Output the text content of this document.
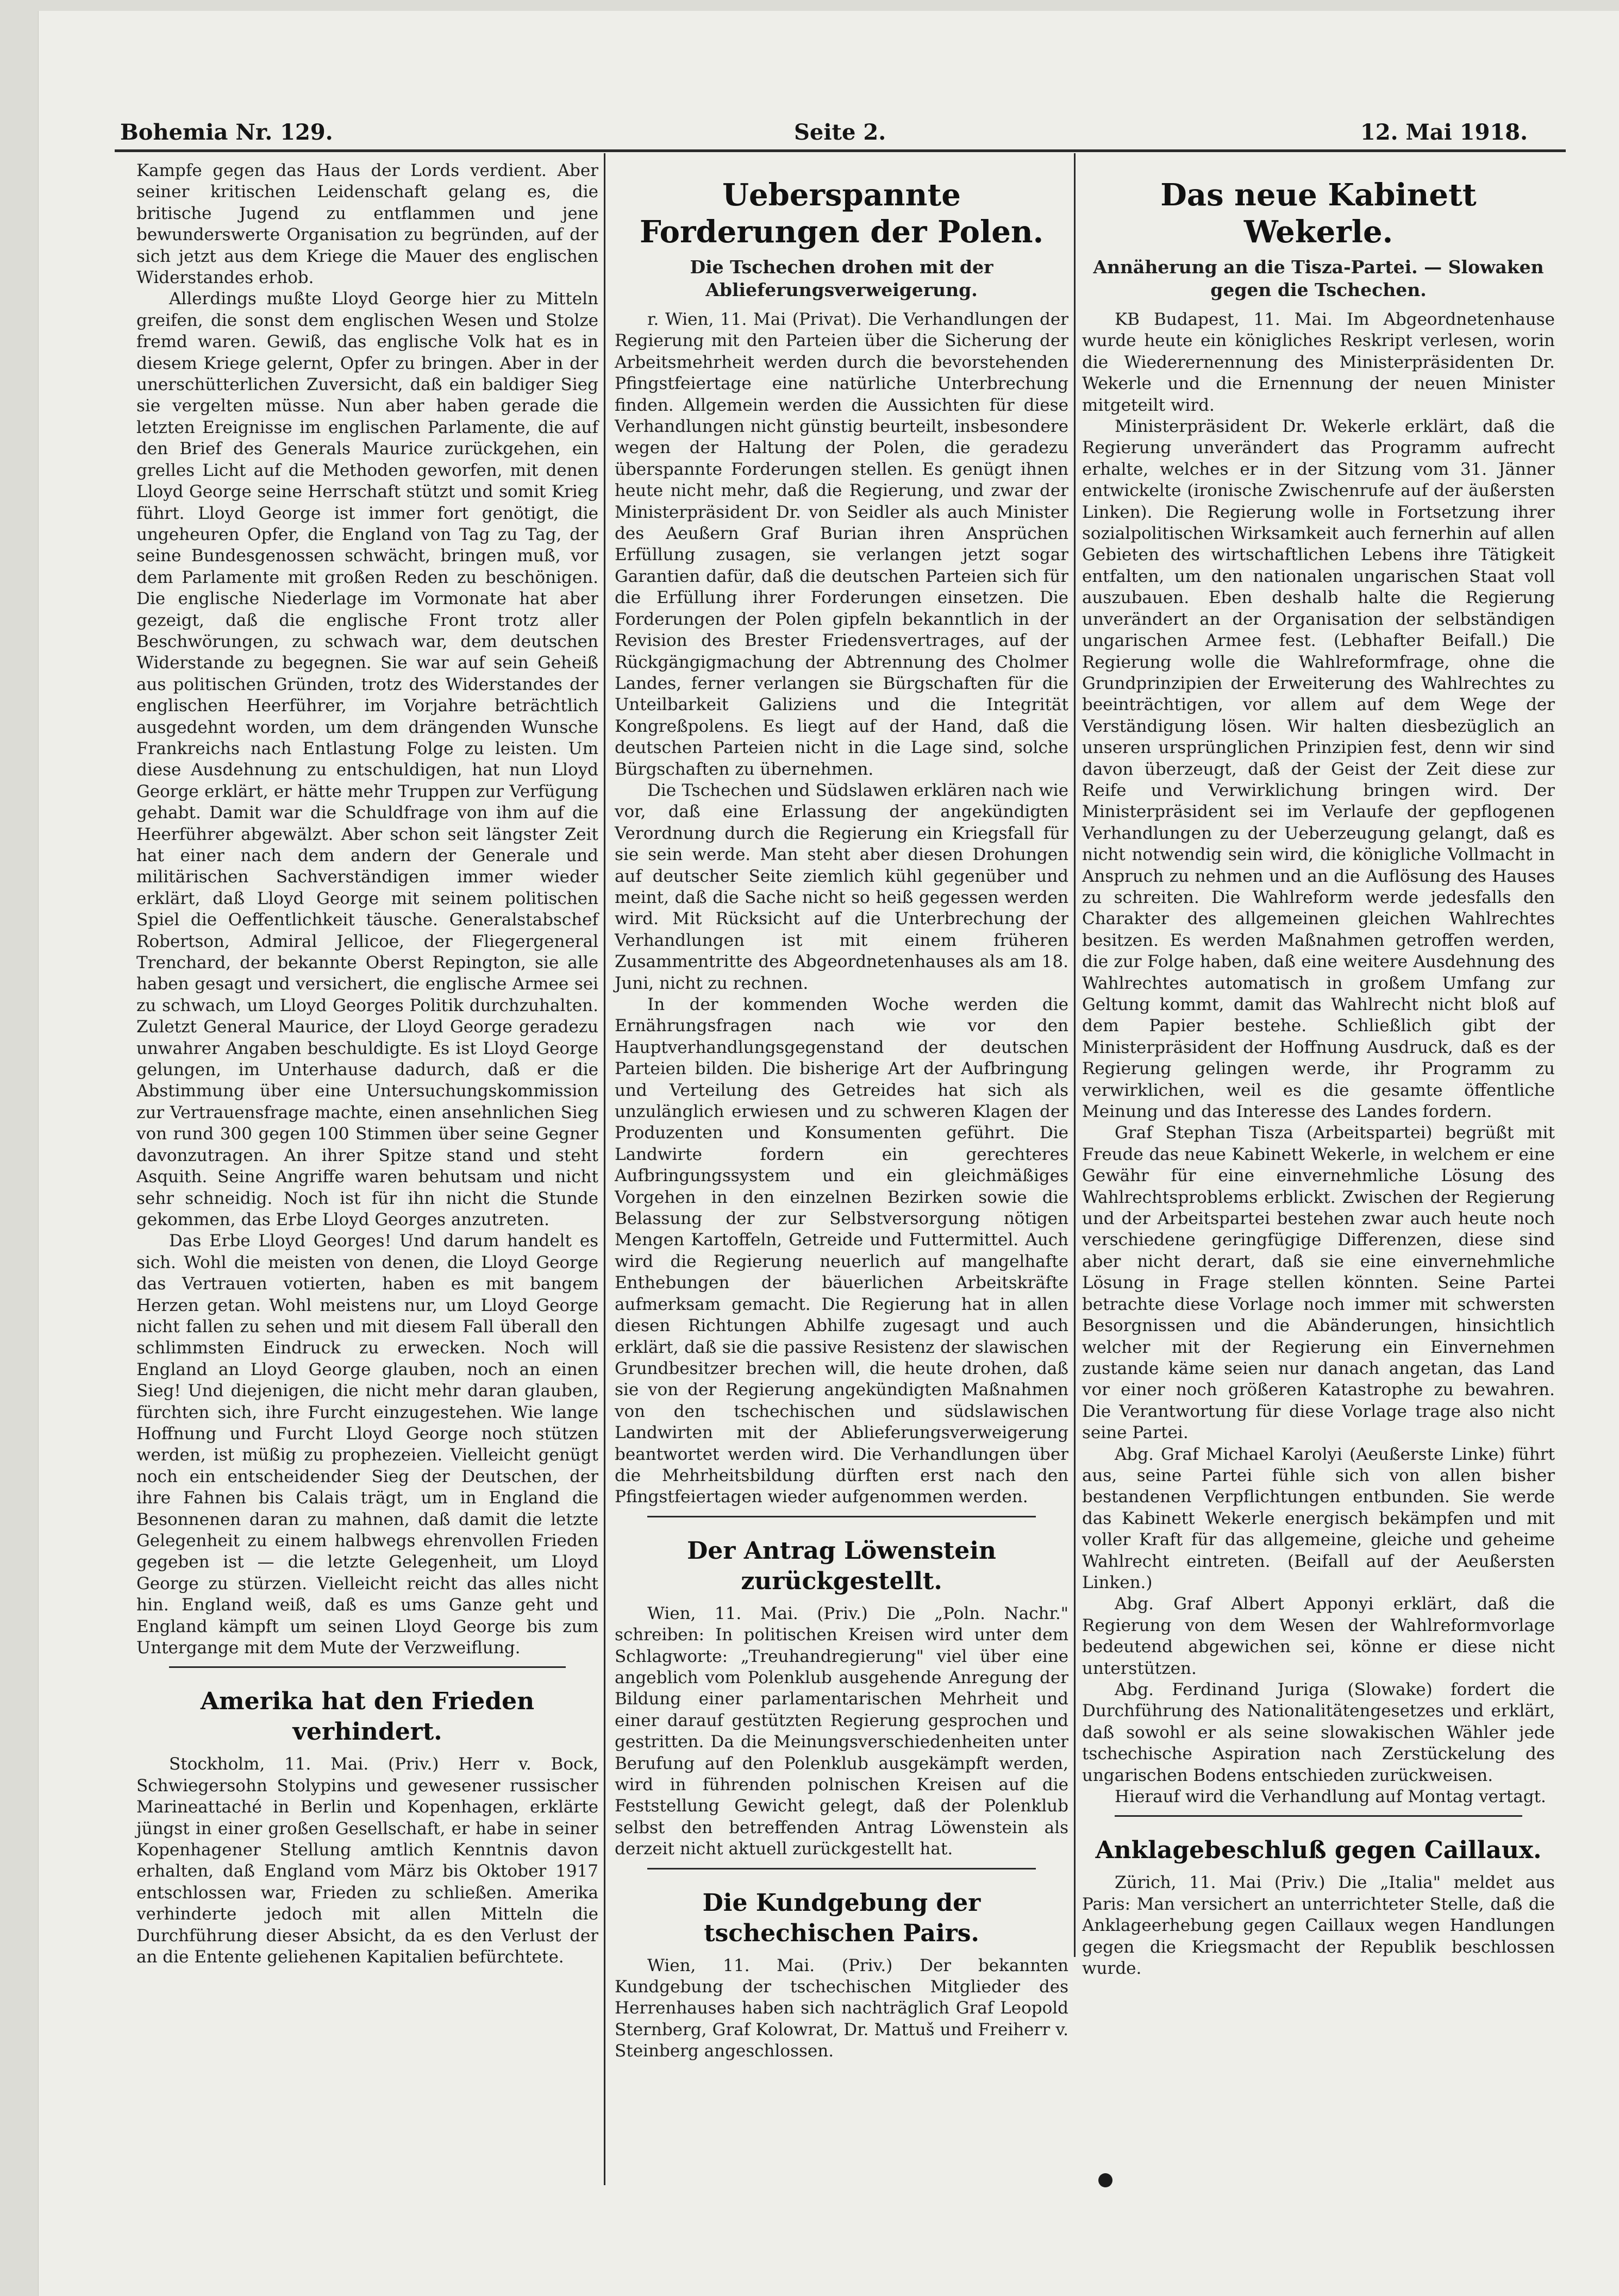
Bohemia Nr. 129.	Seite 2.	12. Mai 1918.

Kampfe gegen das Haus der Lords verdient. Aber seiner kritischen Leidenschaft gelang es, die britische Jugend zu entflammen und jene bewunderswerte Organisation zu begründen, auf der sich jetzt aus dem Kriege die Mauer des englischen Widerstandes erhob.

Allerdings mußte Lloyd George hier zu Mitteln greifen, die sonst dem englischen Wesen und Stolze fremd waren. Gewiß, das englische Volk hat es in diesem Kriege gelernt, Opfer zu bringen. Aber in der unerschütterlichen Zuversicht, daß ein baldiger Sieg sie vergelten müsse. Nun aber haben gerade die letzten Ereignisse im englischen Parlamente, die auf den Brief des Generals Maurice zurückgehen, ein grelles Licht auf die Methoden geworfen, mit denen Lloyd George seine Herrschaft stützt und somit Krieg führt. Lloyd George ist immer fort genötigt, die ungeheuren Opfer, die England von Tag zu Tag, der seine Bundesgenossen schwächt, bringen muß, vor dem Parlamente mit großen Reden zu beschönigen. Die englische Niederlage im Vormonate hat aber gezeigt, daß die englische Front trotz aller Beschwörungen, zu schwach war, dem deutschen Widerstande zu begegnen. Sie war auf sein Geheiß aus politischen Gründen, trotz des Widerstandes der englischen Heerführer, im Vorjahre beträchtlich ausgedehnt worden, um dem drängenden Wunsche Frankreichs nach Entlastung Folge zu leisten. Um diese Ausdehnung zu entschuldigen, hat nun Lloyd George erklärt, er hätte mehr Truppen zur Verfügung gehabt. Damit war die Schuldfrage von ihm auf die Heerführer abgewälzt. Aber schon seit längster Zeit hat einer nach dem andern der Generale und militärischen Sachverständigen immer wieder erklärt, daß Lloyd George mit seinem politischen Spiel die Oeffentlichkeit täusche. Generalstabschef Robertson, Admiral Jellicoe, der Fliegergeneral Trenchard, der bekannte Oberst Repington, sie alle haben gesagt und versichert, die englische Armee sei zu schwach, um Lloyd Georges Politik durchzuhalten. Zuletzt General Maurice, der Lloyd George geradezu unwahrer Angaben beschuldigte. Es ist Lloyd George gelungen, im Unterhause dadurch, daß er die Abstimmung über eine Untersuchungskommission zur Vertrauensfrage machte, einen ansehnlichen Sieg von rund 300 gegen 100 Stimmen über seine Gegner davonzutragen. An ihrer Spitze stand und steht Asquith. Seine Angriffe waren behutsam und nicht sehr schneidig. Noch ist für ihn nicht die Stunde gekommen, das Erbe Lloyd Georges anzutreten.

Das Erbe Lloyd Georges! Und darum handelt es sich. Wohl die meisten von denen, die Lloyd George das Vertrauen votierten, haben es mit bangem Herzen getan. Wohl meistens nur, um Lloyd George nicht fallen zu sehen und mit diesem Fall überall den schlimmsten Eindruck zu erwecken. Noch will England an Lloyd George glauben, noch an einen Sieg! Und diejenigen, die nicht mehr daran glauben, fürchten sich, ihre Furcht einzugestehen. Wie lange Hoffnung und Furcht Lloyd George noch stützen werden, ist müßig zu prophezeien. Vielleicht genügt noch ein entscheidender Sieg der Deutschen, der ihre Fahnen bis Calais trägt, um in England die Besonnenen daran zu mahnen, daß damit die letzte Gelegenheit zu einem halbwegs ehrenvollen Frieden gegeben ist — die letzte Gelegenheit, um Lloyd George zu stürzen. Vielleicht reicht das alles nicht hin. England weiß, daß es ums Ganze geht und England kämpft um seinen Lloyd George bis zum Untergange mit dem Mute der Verzweiflung.

Amerika hat den Frieden verhindert.

Stockholm, 11. Mai. (Priv.) Herr v. Bock, Schwiegersohn Stolypins und gewesener russischer Marineattaché in Berlin und Kopenhagen, erklärte jüngst in einer großen Gesellschaft, er habe in seiner Kopenhagener Stellung amtlich Kenntnis davon erhalten, daß England vom März bis Oktober 1917 entschlossen war, Frieden zu schließen. Amerika verhinderte jedoch mit allen Mitteln die Durchführung dieser Absicht, da es den Verlust der an die Entente geliehenen Kapitalien befürchtete.

Ueberspannte Forderungen der Polen.
Die Tschechen drohen mit der Ablieferungsverweigerung.

r. Wien, 11. Mai (Privat). Die Verhandlungen der Regierung mit den Parteien über die Sicherung der Arbeitsmehrheit werden durch die bevorstehenden Pfingstfeiertage eine natürliche Unterbrechung finden. Allgemein werden die Aussichten für diese Verhandlungen nicht günstig beurteilt, insbesondere wegen der Haltung der Polen, die geradezu überspannte Forderungen stellen. Es genügt ihnen heute nicht mehr, daß die Regierung, und zwar der Ministerpräsident Dr. von Seidler als auch Minister des Aeußern Graf Burian ihren Ansprüchen Erfüllung zusagen, sie verlangen jetzt sogar Garantien dafür, daß die deutschen Parteien sich für die Erfüllung ihrer Forderungen einsetzen. Die Forderungen der Polen gipfeln bekanntlich in der Revision des Brester Friedensvertrages, auf der Rückgängigmachung der Abtrennung des Cholmer Landes, ferner verlangen sie Bürgschaften für die Unteilbarkeit Galiziens und die Integrität Kongreßpolens. Es liegt auf der Hand, daß die deutschen Parteien nicht in die Lage sind, solche Bürgschaften zu übernehmen.

Die Tschechen und Südslawen erklären nach wie vor, daß eine Erlassung der angekündigten Verordnung durch die Regierung ein Kriegsfall für sie sein werde. Man steht aber diesen Drohungen auf deutscher Seite ziemlich kühl gegenüber und meint, daß die Sache nicht so heiß gegessen werden wird. Mit Rücksicht auf die Unterbrechung der Verhandlungen ist mit einem früheren Zusammentritte des Abgeordnetenhauses als am 18. Juni, nicht zu rechnen.

In der kommenden Woche werden die Ernährungsfragen nach wie vor den Hauptverhandlungsgegenstand der deutschen Parteien bilden. Die bisherige Art der Aufbringung und Verteilung des Getreides hat sich als unzulänglich erwiesen und zu schweren Klagen der Produzenten und Konsumenten geführt. Die Landwirte fordern ein gerechteres Aufbringungssystem und ein gleichmäßiges Vorgehen in den einzelnen Bezirken sowie die Belassung der zur Selbstversorgung nötigen Mengen Kartoffeln, Getreide und Futtermittel. Auch wird die Regierung neuerlich auf mangelhafte Enthebungen der bäuerlichen Arbeitskräfte aufmerksam gemacht. Die Regierung hat in allen diesen Richtungen Abhilfe zugesagt und auch erklärt, daß sie die passive Resistenz der slawischen Grundbesitzer brechen will, die heute drohen, daß sie von der Regierung angekündigten Maßnahmen von den tschechischen und südslawischen Landwirten mit der Ablieferungsverweigerung beantwortet werden wird. Die Verhandlungen über die Mehrheitsbildung dürften erst nach den Pfingstfeiertagen wieder aufgenommen werden.

Der Antrag Löwenstein zurückgestellt.

Wien, 11. Mai. (Priv.) Die „Poln. Nachr." schreiben: In politischen Kreisen wird unter dem Schlagworte: „Treuhandregierung" viel über eine angeblich vom Polenklub ausgehende Anregung der Bildung einer parlamentarischen Mehrheit und einer darauf gestützten Regierung gesprochen und gestritten. Da die Meinungsverschiedenheiten unter Berufung auf den Polenklub ausgekämpft werden, wird in führenden polnischen Kreisen auf die Feststellung Gewicht gelegt, daß der Polenklub selbst den betreffenden Antrag Löwenstein als derzeit nicht aktuell zurückgestellt hat.

Die Kundgebung der tschechischen Pairs.

Wien, 11. Mai. (Priv.) Der bekannten Kundgebung der tschechischen Mitglieder des Herrenhauses haben sich nachträglich Graf Leopold Sternberg, Graf Kolowrat, Dr. Mattuš und Freiherr v. Steinberg angeschlossen.

Das neue Kabinett Wekerle.
Annäherung an die Tisza-Partei. — Slowaken gegen die Tschechen.

KB Budapest, 11. Mai. Im Abgeordnetenhause wurde heute ein königliches Reskript verlesen, worin die Wiederernennung des Ministerpräsidenten Dr. Wekerle und die Ernennung der neuen Minister mitgeteilt wird.

Ministerpräsident Dr. Wekerle erklärt, daß die Regierung unverändert das Programm aufrecht erhalte, welches er in der Sitzung vom 31. Jänner entwickelte (ironische Zwischenrufe auf der äußersten Linken). Die Regierung wolle in Fortsetzung ihrer sozialpolitischen Wirksamkeit auch fernerhin auf allen Gebieten des wirtschaftlichen Lebens ihre Tätigkeit entfalten, um den nationalen ungarischen Staat voll auszubauen. Eben deshalb halte die Regierung unverändert an der Organisation der selbständigen ungarischen Armee fest. (Lebhafter Beifall.) Die Regierung wolle die Wahlreformfrage, ohne die Grundprinzipien der Erweiterung des Wahlrechtes zu beeinträchtigen, vor allem auf dem Wege der Verständigung lösen. Wir halten diesbezüglich an unseren ursprünglichen Prinzipien fest, denn wir sind davon überzeugt, daß der Geist der Zeit diese zur Reife und Verwirklichung bringen wird. Der Ministerpräsident sei im Verlaufe der gepflogenen Verhandlungen zu der Ueberzeugung gelangt, daß es nicht notwendig sein wird, die königliche Vollmacht in Anspruch zu nehmen und an die Auflösung des Hauses zu schreiten. Die Wahlreform werde jedesfalls den Charakter des allgemeinen gleichen Wahlrechtes besitzen. Es werden Maßnahmen getroffen werden, die zur Folge haben, daß eine weitere Ausdehnung des Wahlrechtes automatisch in großem Umfang zur Geltung kommt, damit das Wahlrecht nicht bloß auf dem Papier bestehe. Schließlich gibt der Ministerpräsident der Hoffnung Ausdruck, daß es der Regierung gelingen werde, ihr Programm zu verwirklichen, weil es die gesamte öffentliche Meinung und das Interesse des Landes fordern.

Graf Stephan Tisza (Arbeitspartei) begrüßt mit Freude das neue Kabinett Wekerle, in welchem er eine Gewähr für eine einvernehmliche Lösung des Wahlrechtsproblems erblickt. Zwischen der Regierung und der Arbeitspartei bestehen zwar auch heute noch verschiedene geringfügige Differenzen, diese sind aber nicht derart, daß sie eine einvernehmliche Lösung in Frage stellen könnten. Seine Partei betrachte diese Vorlage noch immer mit schwersten Besorgnissen und die Abänderungen, hinsichtlich welcher mit der Regierung ein Einvernehmen zustande käme seien nur danach angetan, das Land vor einer noch größeren Katastrophe zu bewahren. Die Verantwortung für diese Vorlage trage also nicht seine Partei.

Abg. Graf Michael Karolyi (Aeußerste Linke) führt aus, seine Partei fühle sich von allen bisher bestandenen Verpflichtungen entbunden. Sie werde das Kabinett Wekerle energisch bekämpfen und mit voller Kraft für das allgemeine, gleiche und geheime Wahlrecht eintreten. (Beifall auf der Aeußersten Linken.)

Abg. Graf Albert Apponyi erklärt, daß die Regierung von dem Wesen der Wahlreformvorlage bedeutend abgewichen sei, könne er diese nicht unterstützen.

Abg. Ferdinand Juriga (Slowake) fordert die Durchführung des Nationalitätengesetzes und erklärt, daß sowohl er als seine slowakischen Wähler jede tschechische Aspiration nach Zerstückelung des ungarischen Bodens entschieden zurückweisen.

Hierauf wird die Verhandlung auf Montag vertagt.

Anklagebeschluß gegen Caillaux.

Zürich, 11. Mai (Priv.) Die „Italia" meldet aus Paris: Man versichert an unterrichteter Stelle, daß die Anklageerhebung gegen Caillaux wegen Handlungen gegen die Kriegsmacht der Republik beschlossen wurde.
